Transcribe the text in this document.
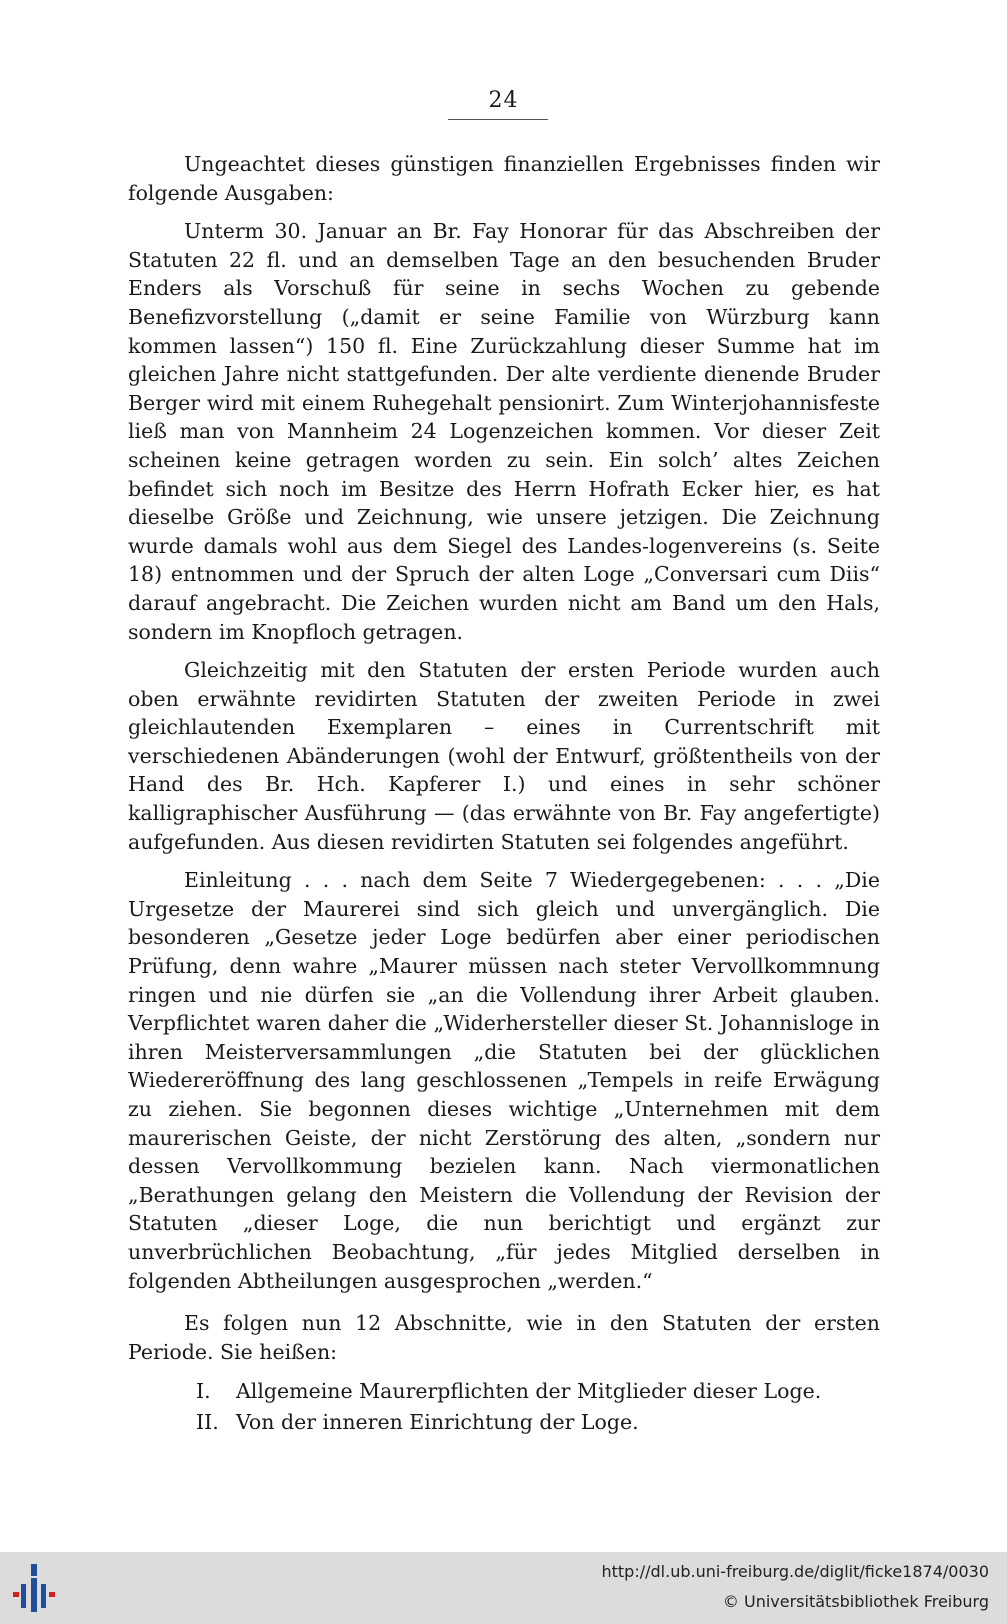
24

Ungeachtet dieses günstigen finanziellen Ergebnisses finden wir folgende Ausgaben:

Unterm 30. Januar an Br. Fay Honorar für das Abschreiben der Statuten 22 fl. und an demselben Tage an den besuchenden Bruder Enders als Vorschuß für seine in sechs Wochen zu gebende Benefizvorstellung („damit er seine Familie von Würzburg kann kommen lassen“) 150 fl. Eine Zurückzahlung dieser Summe hat im gleichen Jahre nicht stattgefunden. Der alte verdiente dienende Bruder Berger wird mit einem Ruhegehalt pensionirt. Zum Winterjohannisfeste ließ man von Mannheim 24 Logenzeichen kommen. Vor dieser Zeit scheinen keine getragen worden zu sein. Ein solch’ altes Zeichen befindet sich noch im Besitze des Herrn Hofrath Ecker hier, es hat dieselbe Größe und Zeichnung, wie unsere jetzigen. Die Zeichnung wurde damals wohl aus dem Siegel des Landes-logenvereins (s. Seite 18) entnommen und der Spruch der alten Loge „Conversari cum Diis“ darauf angebracht. Die Zeichen wurden nicht am Band um den Hals, sondern im Knopfloch getragen.

Gleichzeitig mit den Statuten der ersten Periode wurden auch oben erwähnte revidirten Statuten der zweiten Periode in zwei gleichlautenden Exemplaren – eines in Currentschrift mit verschiedenen Abänderungen (wohl der Entwurf, größtentheils von der Hand des Br. Hch. Kapferer I.) und eines in sehr schöner kalligraphischer Ausführung — (das erwähnte von Br. Fay angefertigte) aufgefunden. Aus diesen revidirten Statuten sei folgendes angeführt.

Einleitung . . . nach dem Seite 7 Wiedergegebenen: . . . „Die Urgesetze der Maurerei sind sich gleich und unvergänglich. Die besonderen „Gesetze jeder Loge bedürfen aber einer periodischen Prüfung, denn wahre „Maurer müssen nach steter Vervollkommnung ringen und nie dürfen sie „an die Vollendung ihrer Arbeit glauben. Verpflichtet waren daher die „Widerhersteller dieser St. Johannisloge in ihren Meisterversammlungen „die Statuten bei der glücklichen Wiedereröffnung des lang geschlossenen „Tempels in reife Erwägung zu ziehen. Sie begonnen dieses wichtige „Unternehmen mit dem maurerischen Geiste, der nicht Zerstörung des alten, „sondern nur dessen Vervollkommung bezielen kann. Nach viermonatlichen „Berathungen gelang den Meistern die Vollendung der Revision der Statuten „dieser Loge, die nun berichtigt und ergänzt zur unverbrüchlichen Beobachtung, „für jedes Mitglied derselben in folgenden Abtheilungen ausgesprochen „werden.“

Es folgen nun 12 Abschnitte, wie in den Statuten der ersten Periode. Sie heißen:

I. Allgemeine Maurerpflichten der Mitglieder dieser Loge.
II. Von der inneren Einrichtung der Loge.
http://dl.ub.uni-freiburg.de/diglit/ficke1874/0030
© Universitätsbibliothek Freiburg
